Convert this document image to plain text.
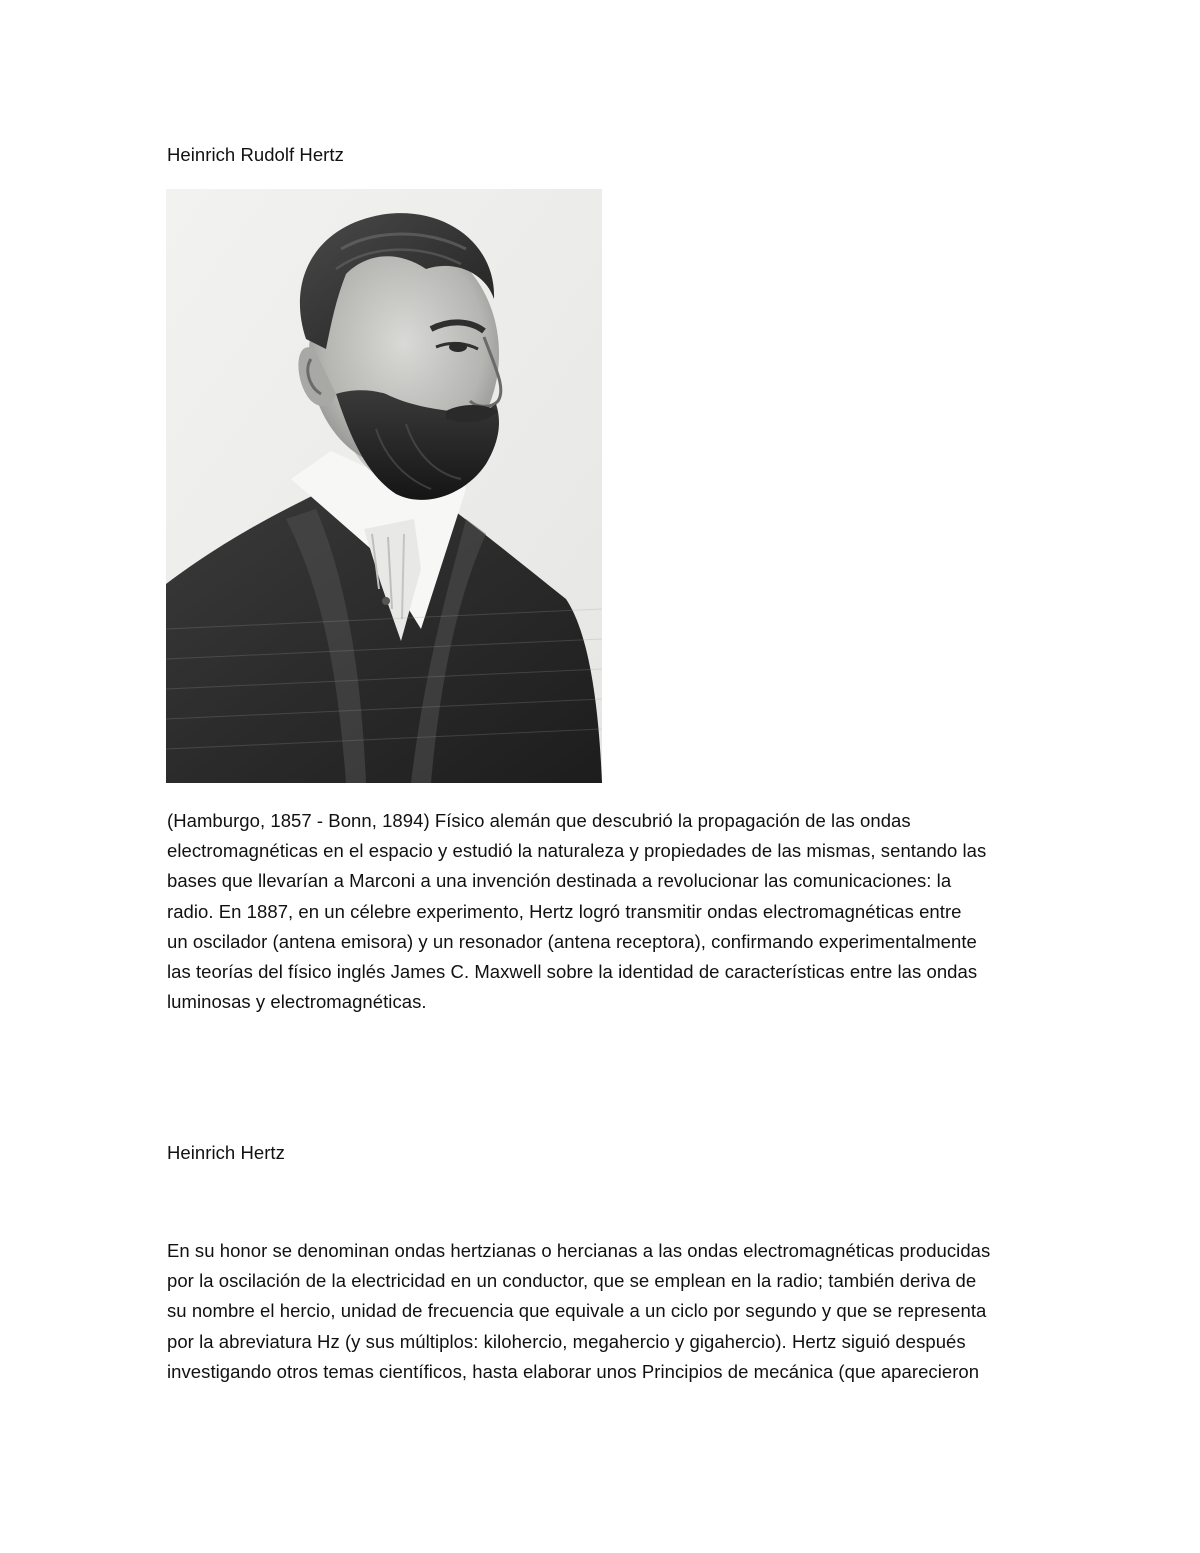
Heinrich Rudolf Hertz
(Hamburgo, 1857 - Bonn, 1894) Físico alemán que descubrió la propagación de las ondas
electromagnéticas en el espacio y estudió la naturaleza y propiedades de las mismas, sentando las
bases que llevarían a Marconi a una invención destinada a revolucionar las comunicaciones: la
radio. En 1887, en un célebre experimento, Hertz logró transmitir ondas electromagnéticas entre
un oscilador (antena emisora) y un resonador (antena receptora), confirmando experimentalmente
las teorías del físico inglés James C. Maxwell sobre la identidad de características entre las ondas
luminosas y electromagnéticas.
Heinrich Hertz
En su honor se denominan ondas hertzianas o hercianas a las ondas electromagnéticas producidas
por la oscilación de la electricidad en un conductor, que se emplean en la radio; también deriva de
su nombre el hercio, unidad de frecuencia que equivale a un ciclo por segundo y que se representa
por la abreviatura Hz (y sus múltiplos: kilohercio, megahercio y gigahercio). Hertz siguió después
investigando otros temas científicos, hasta elaborar unos Principios de mecánica (que aparecieron
